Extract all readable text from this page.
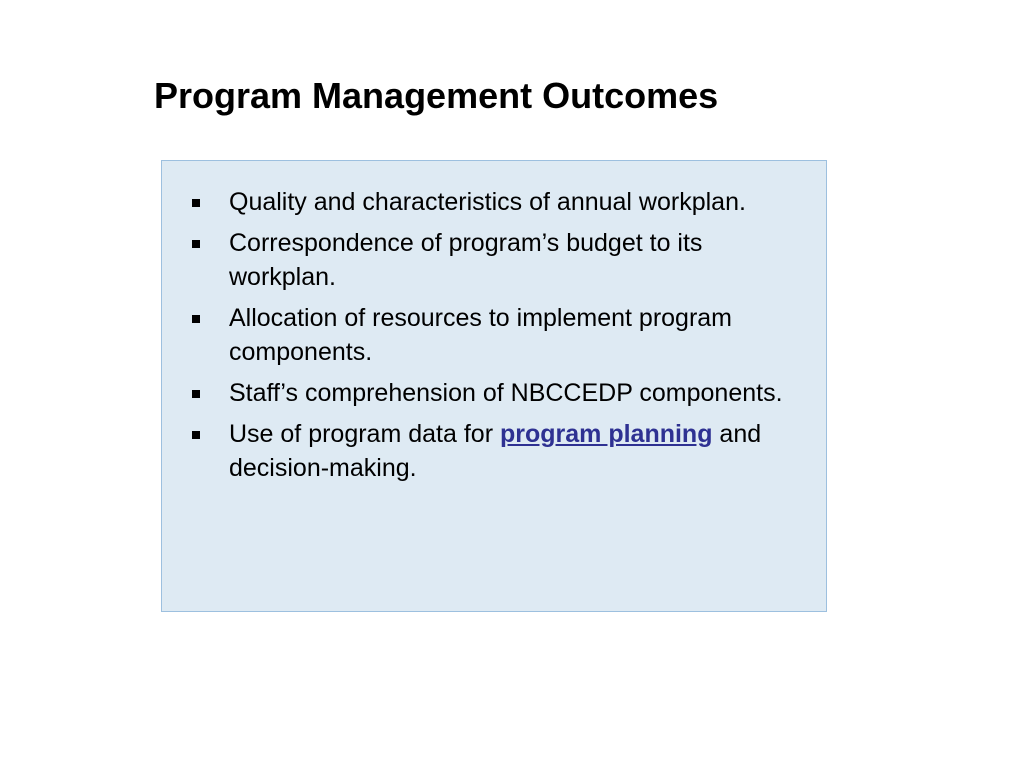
Program Management Outcomes
Quality and characteristics of annual workplan.
Correspondence of program’s budget to its workplan.
Allocation of resources to implement program components.
Staff’s comprehension of NBCCEDP components.
Use of program data for program planning and decision-making.
